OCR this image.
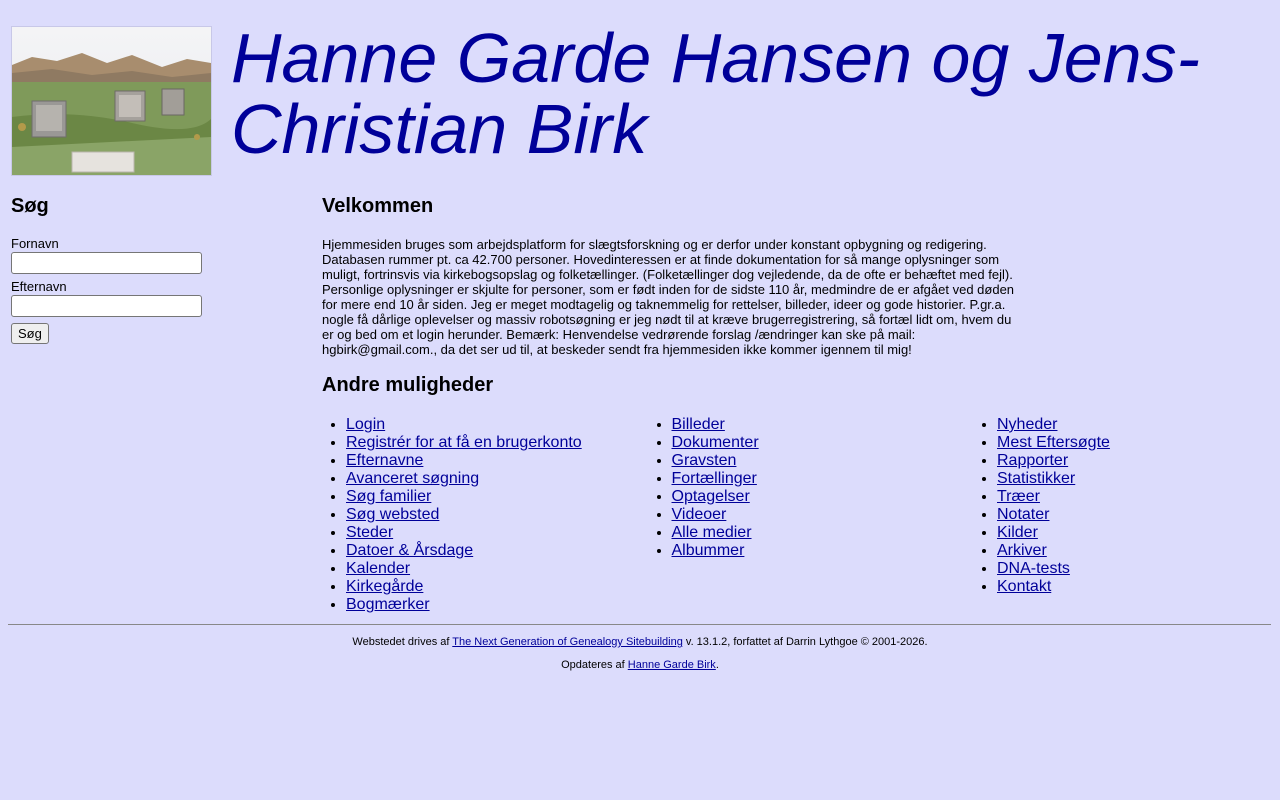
Hanne Garde Hansen og Jens-Christian Birk
Søg
Fornavn
Efternavn
Søg
Velkommen

Hjemmesiden bruges som arbejdsplatform for slægtsforskning og er derfor under konstant opbygning og redigering. Databasen rummer pt. ca 42.700 personer. Hovedinteressen er at finde dokumentation for så mange oplysninger som muligt, fortrinsvis via kirkebogsopslag og folketællinger. (Folketællinger dog vejledende, da de ofte er behæftet med fejl). Personlige oplysninger er skjulte for personer, som er født inden for de sidste 110 år, medmindre de er afgået ved døden for mere end 10 år siden. Jeg er meget modtagelig og taknemmelig for rettelser, billeder, ideer og gode historier. P.gr.a. nogle få dårlige oplevelser og massiv robotsøgning er jeg nødt til at kræve brugerregistrering, så fortæl lidt om, hvem du er og bed om et login herunder. Bemærk: Henvendelse vedrørende forslag /ændringer kan ske på mail: hgbirk@gmail.com., da det ser ud til, at beskeder sendt fra hjemmesiden ikke kommer igennem til mig!

Andre muligheder
• Login
• Registrér for at få en brugerkonto
• Efternavne
• Avanceret søgning
• Søg familier
• Søg websted
• Steder
• Datoer & Årsdage
• Kalender
• Kirkegårde
• Bogmærker
• Billeder
• Dokumenter
• Gravsten
• Fortællinger
• Optagelser
• Videoer
• Alle medier
• Albummer
• Nyheder
• Mest Eftersøgte
• Rapporter
• Statistikker
• Træer
• Notater
• Kilder
• Arkiver
• DNA-tests
• Kontakt

Webstedet drives af The Next Generation of Genealogy Sitebuilding v. 13.1.2, forfattet af Darrin Lythgoe © 2001-2026.

Opdateres af Hanne Garde Birk.
